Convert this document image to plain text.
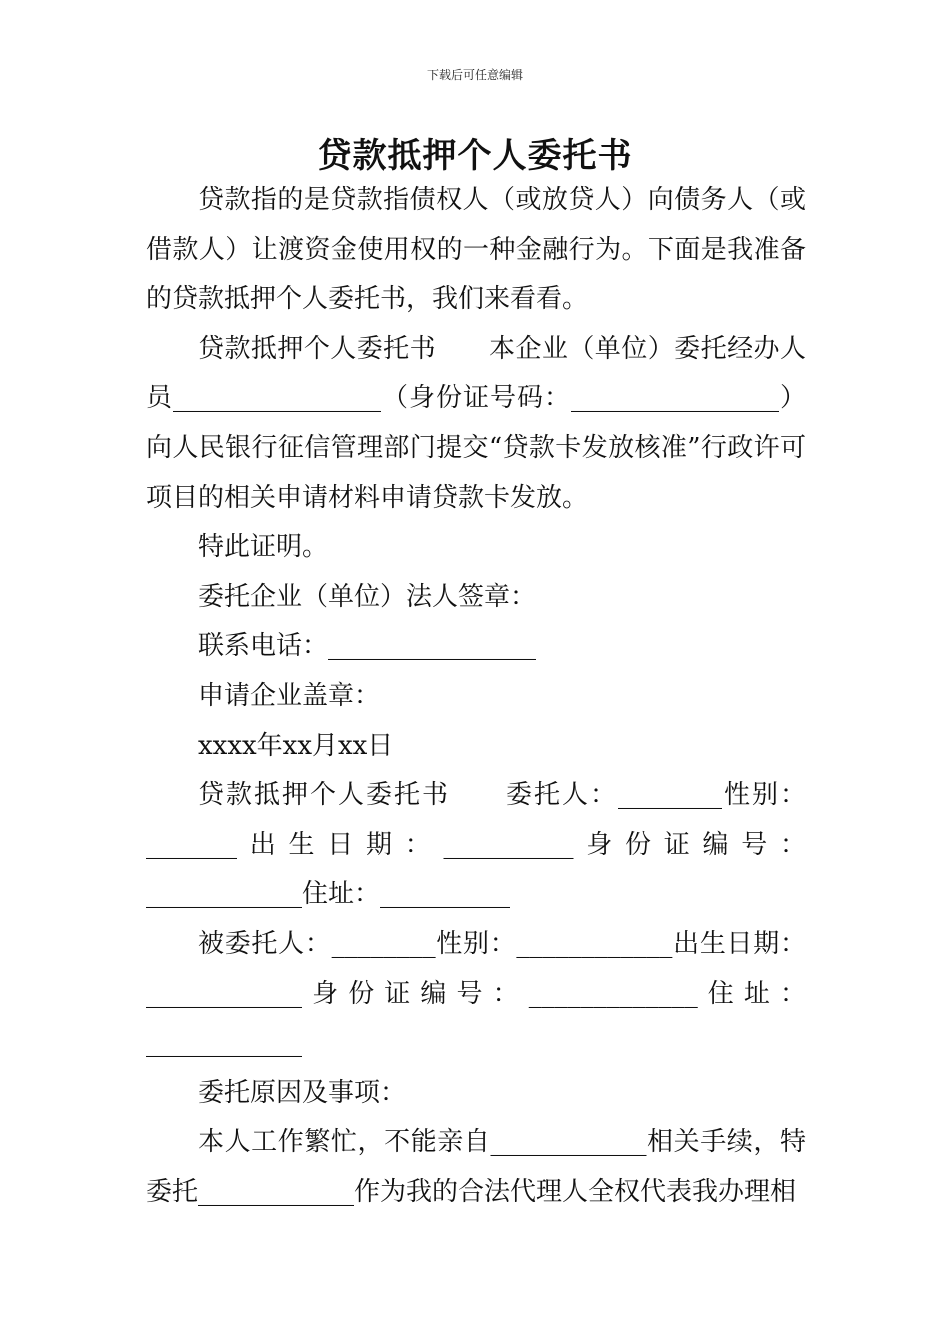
下载后可任意编辑
贷款抵押个人委托书

贷款指的是贷款指债权人（或放贷人）向债务人（或借款人）让渡资金使用权的一种金融行为。下面是我准备的贷款抵押个人委托书，我们来看看。

贷款抵押个人委托书　　本企业（单位）委托经办人员________________（身份证号码：________________）向人民银行征信管理部门提交“贷款卡发放核准”行政许可项目的相关申请材料申请贷款卡发放。

特此证明。

委托企业（单位）法人签章：

联系电话：________________

申请企业盖章：

xxxx年xx月xx日

贷款抵押个人委托书　　委托人：________性别：_______出生日期：__________身份证编号：____________住址：__________

被委托人：________性别：____________出生日期：____________身份证编号：_____________住址：____________

委托原因及事项：

本人工作繁忙，不能亲自____________相关手续，特委托____________作为我的合法代理人全权代表我办理相
